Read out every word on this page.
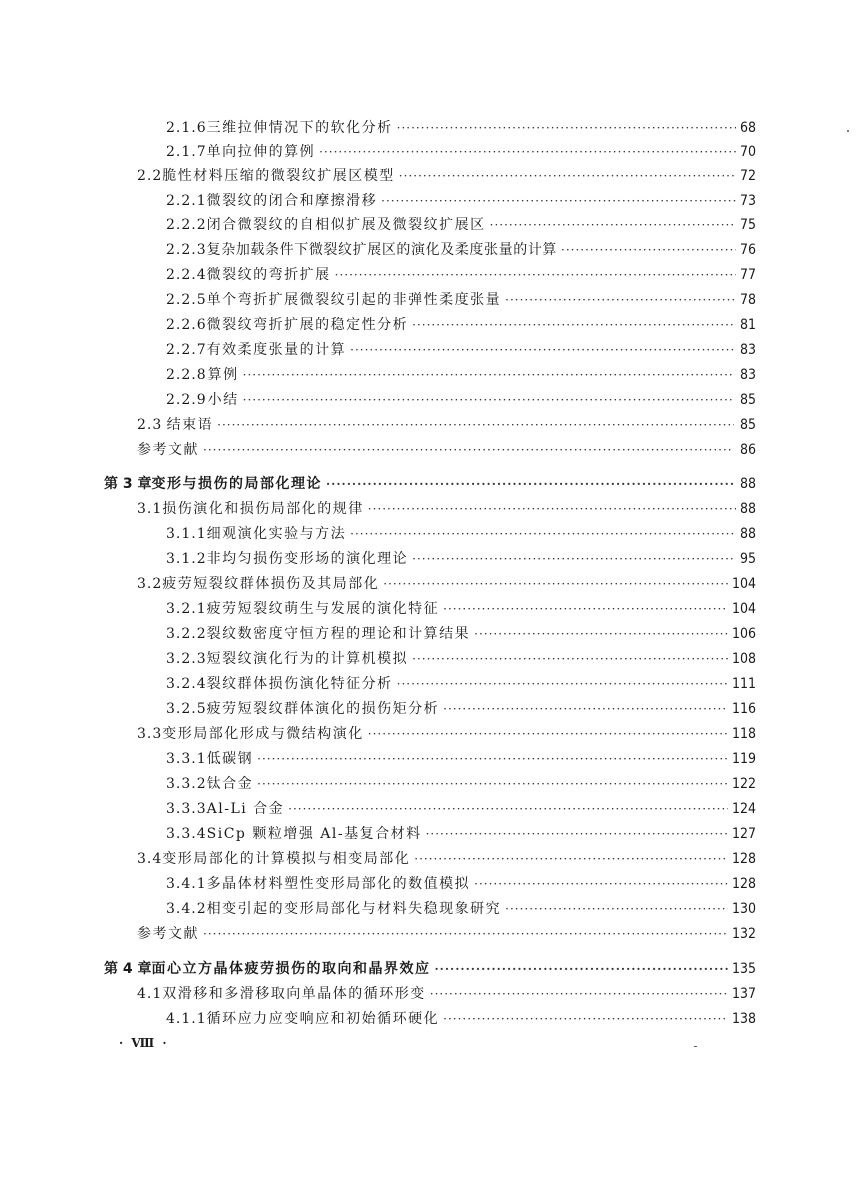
2.1.6 三维拉伸情况下的软化分析 ·····	68
2.1.7 单向拉伸的算例 ·····	70
2.2 脆性材料压缩的微裂纹扩展区模型 ·····	72
2.2.1 微裂纹的闭合和摩擦滑移 ·····	73
2.2.2 闭合微裂纹的自相似扩展及微裂纹扩展区 ·····	75
2.2.3 复杂加载条件下微裂纹扩展区的演化及柔度张量的计算 ·····	76
2.2.4 微裂纹的弯折扩展 ·····	77
2.2.5 单个弯折扩展微裂纹引起的非弹性柔度张量 ·····	78
2.2.6 微裂纹弯折扩展的稳定性分析 ·····	81
2.2.7 有效柔度张量的计算 ·····	83
2.2.8 算例 ·····	83
2.2.9 小结 ·····	85
2.3 结束语 ·····	85
参考文献 ·····	86
第 3 章 变形与损伤的局部化理论 ·····	88
3.1 损伤演化和损伤局部化的规律 ·····	88
3.1.1 细观演化实验与方法 ·····	88
3.1.2 非均匀损伤变形场的演化理论 ·····	95
3.2 疲劳短裂纹群体损伤及其局部化 ·····	104
3.2.1 疲劳短裂纹萌生与发展的演化特征 ·····	104
3.2.2 裂纹数密度守恒方程的理论和计算结果 ·····	106
3.2.3 短裂纹演化行为的计算机模拟 ·····	108
3.2.4 裂纹群体损伤演化特征分析 ·····	111
3.2.5 疲劳短裂纹群体演化的损伤矩分析 ·····	116
3.3 变形局部化形成与微结构演化 ·····	118
3.3.1 低碳钢 ·····	119
3.3.2 钛合金 ·····	122
3.3.3 Al-Li 合金 ·····	124
3.3.4 SiCp 颗粒增强 Al-基复合材料 ·····	127
3.4 变形局部化的计算模拟与相变局部化 ·····	128
3.4.1 多晶体材料塑性变形局部化的数值模拟 ·····	128
3.4.2 相变引起的变形局部化与材料失稳现象研究 ·····	130
参考文献 ·····	132
第 4 章 面心立方晶体疲劳损伤的取向和晶界效应 ·····	135
4.1 双滑移和多滑移取向单晶体的循环形变 ·····	137
4.1.1 循环应力应变响应和初始循环硬化 ·····	138
· Ⅷ ·
